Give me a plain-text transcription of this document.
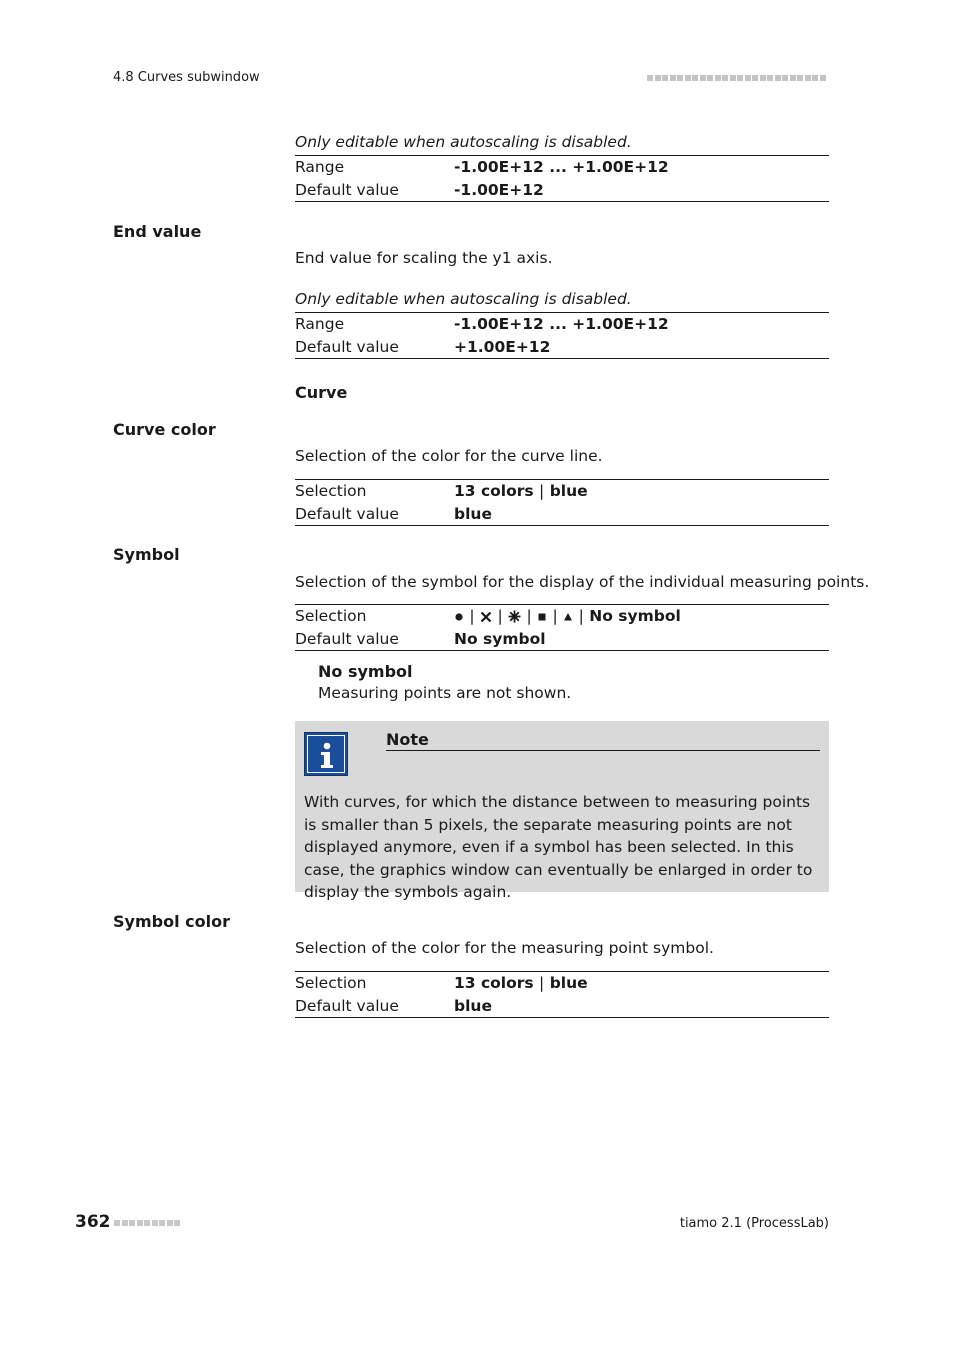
4.8 Curves subwindow
Only editable when autoscaling is disabled.
Range	-1.00E+12 ... +1.00E+12
Default value	-1.00E+12
End value
End value for scaling the y1 axis.
Only editable when autoscaling is disabled.
Range	-1.00E+12 ... +1.00E+12
Default value	+1.00E+12
Curve
Curve color
Selection of the color for the curve line.
Selection	13 colors | blue
Default value	blue
Symbol
Selection of the symbol for the display of the individual measuring points.
Selection	| | | | | No symbol
Default value	No symbol
No symbol
Measuring points are not shown.
Note
With curves, for which the distance between to measuring points is smaller than 5 pixels, the separate measuring points are not displayed anymore, even if a symbol has been selected. In this case, the graphics window can eventually be enlarged in order to display the symbols again.
Symbol color
Selection of the color for the measuring point symbol.
Selection	13 colors | blue
Default value	blue
362	tiamo 2.1 (ProcessLab)
